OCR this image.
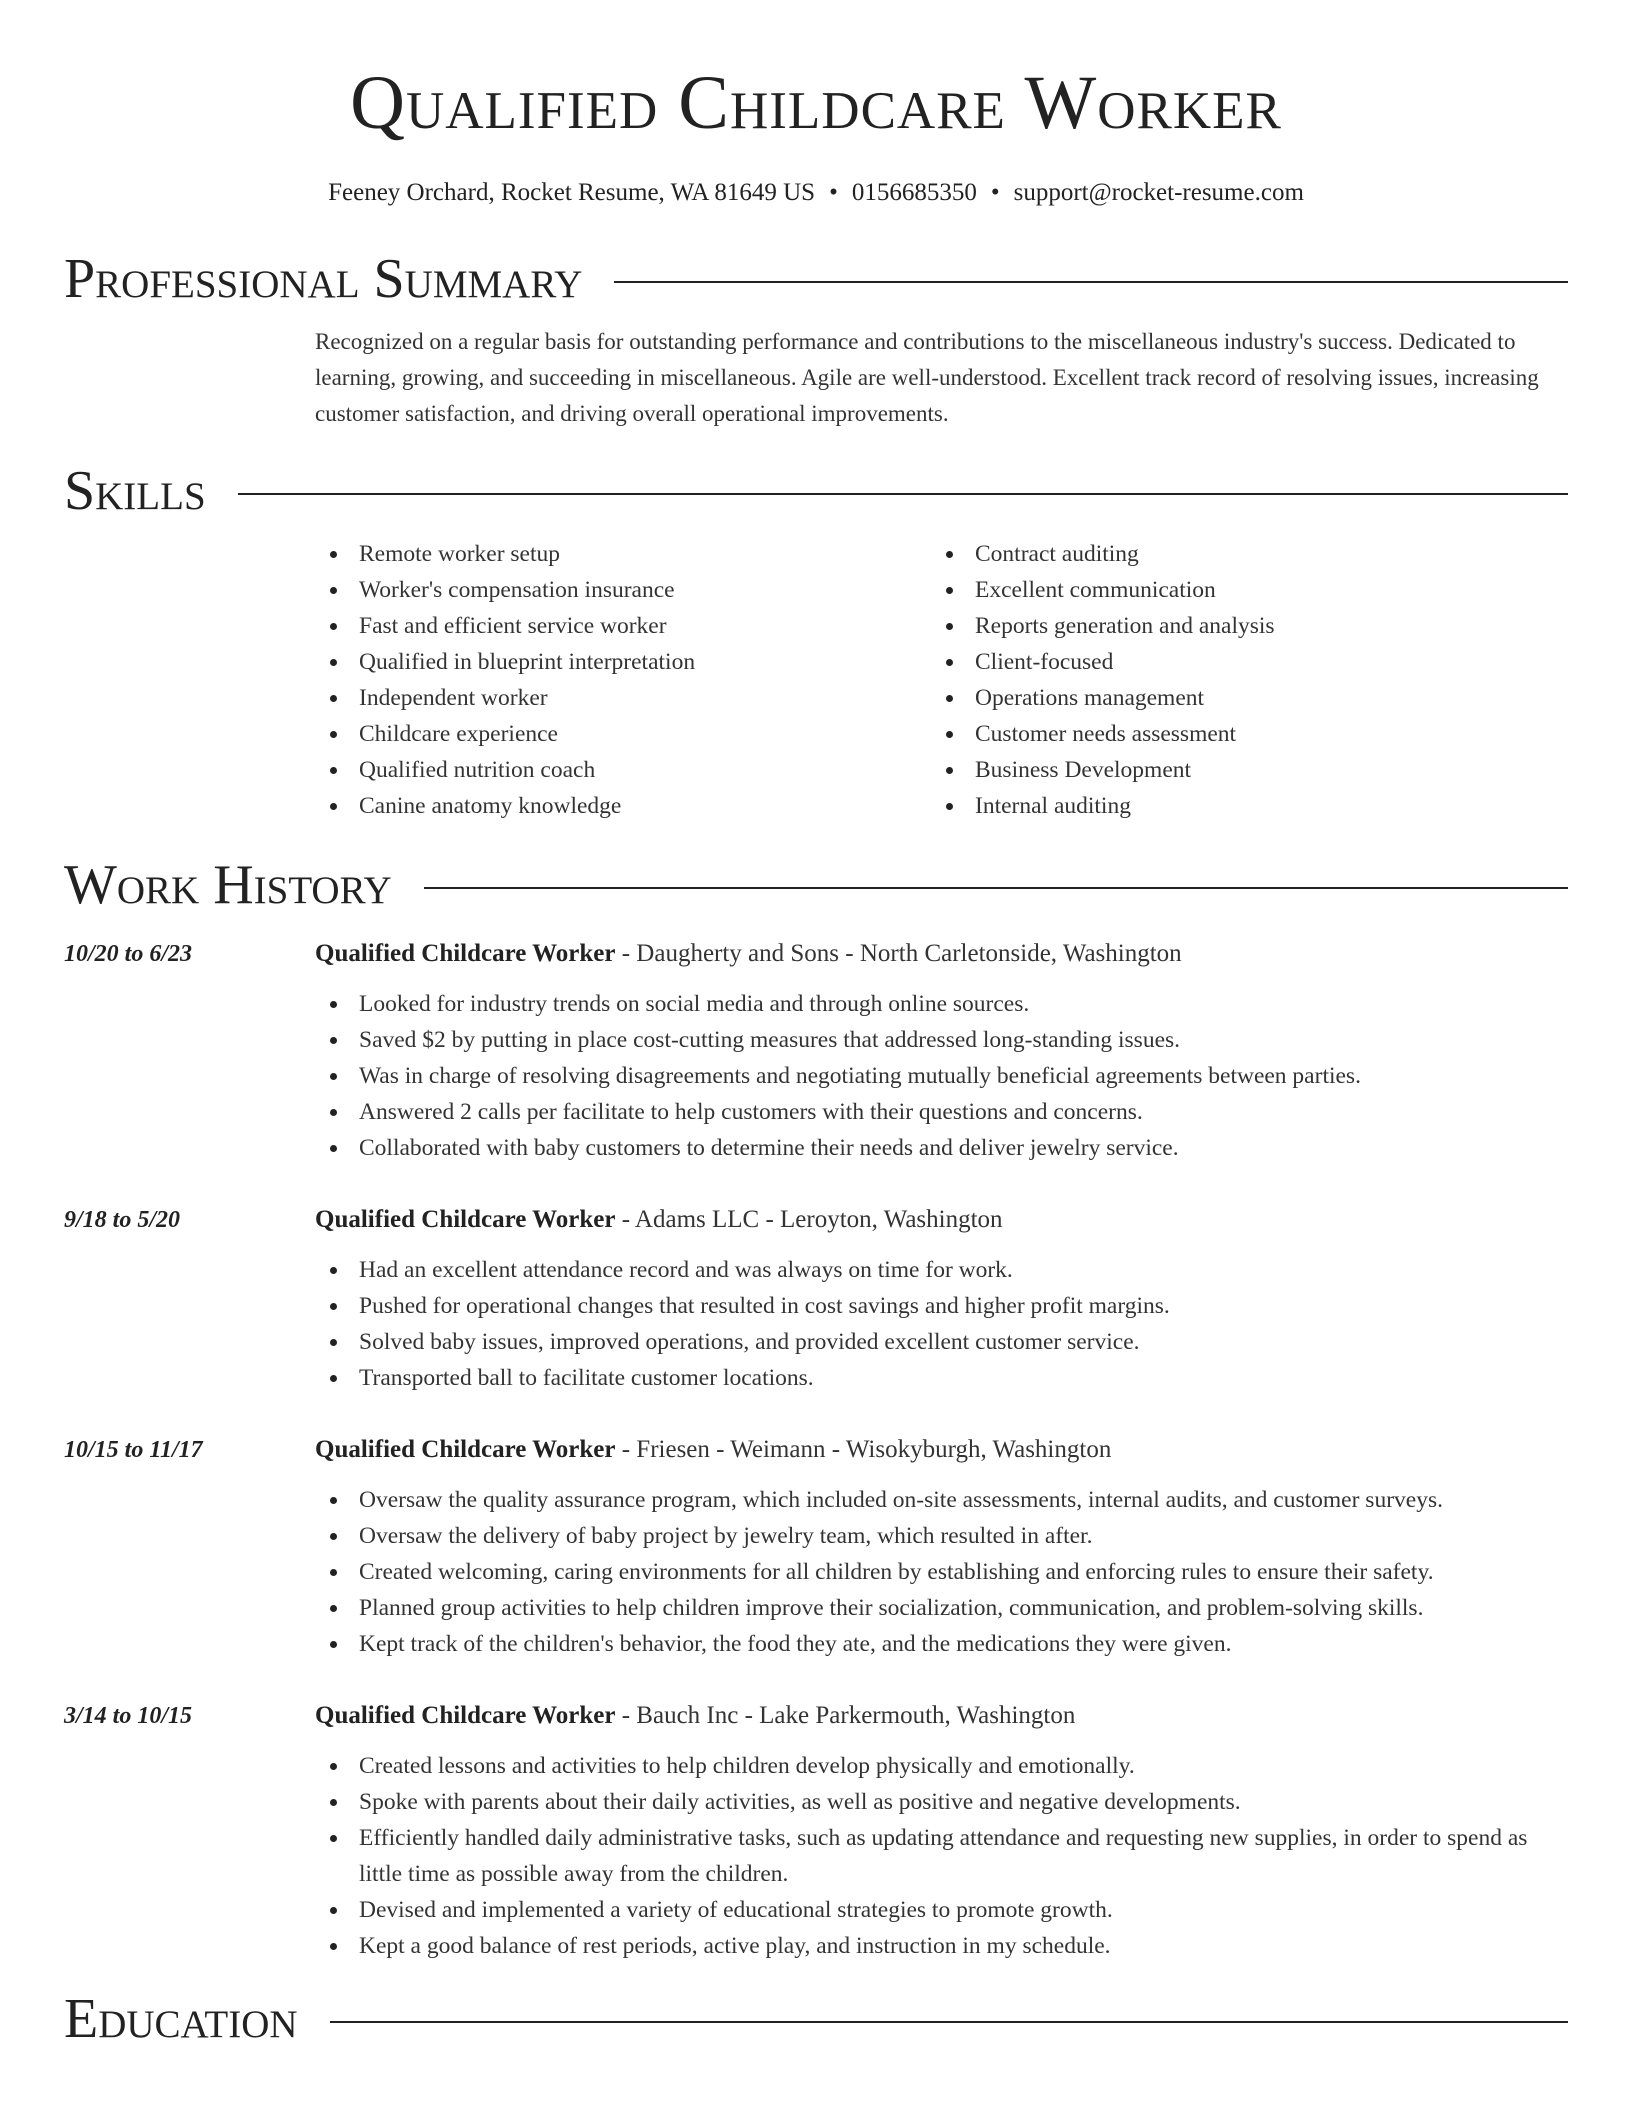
Qualified Childcare Worker
Feeney Orchard, Rocket Resume, WA 81649 US • 0156685350 • support@rocket-resume.com
Professional Summary
Recognized on a regular basis for outstanding performance and contributions to the miscellaneous industry's success. Dedicated to learning, growing, and succeeding in miscellaneous. Agile are well-understood. Excellent track record of resolving issues, increasing customer satisfaction, and driving overall operational improvements.
Skills
Remote worker setup
Worker's compensation insurance
Fast and efficient service worker
Qualified in blueprint interpretation
Independent worker
Childcare experience
Qualified nutrition coach
Canine anatomy knowledge
Contract auditing
Excellent communication
Reports generation and analysis
Client-focused
Operations management
Customer needs assessment
Business Development
Internal auditing
Work History
10/20 to 6/23	Qualified Childcare Worker - Daugherty and Sons - North Carletonside, Washington
Looked for industry trends on social media and through online sources.
Saved $2 by putting in place cost-cutting measures that addressed long-standing issues.
Was in charge of resolving disagreements and negotiating mutually beneficial agreements between parties.
Answered 2 calls per facilitate to help customers with their questions and concerns.
Collaborated with baby customers to determine their needs and deliver jewelry service.
9/18 to 5/20	Qualified Childcare Worker - Adams LLC - Leroyton, Washington
Had an excellent attendance record and was always on time for work.
Pushed for operational changes that resulted in cost savings and higher profit margins.
Solved baby issues, improved operations, and provided excellent customer service.
Transported ball to facilitate customer locations.
10/15 to 11/17	Qualified Childcare Worker - Friesen - Weimann - Wisokyburgh, Washington
Oversaw the quality assurance program, which included on-site assessments, internal audits, and customer surveys.
Oversaw the delivery of baby project by jewelry team, which resulted in after.
Created welcoming, caring environments for all children by establishing and enforcing rules to ensure their safety.
Planned group activities to help children improve their socialization, communication, and problem-solving skills.
Kept track of the children's behavior, the food they ate, and the medications they were given.
3/14 to 10/15	Qualified Childcare Worker - Bauch Inc - Lake Parkermouth, Washington
Created lessons and activities to help children develop physically and emotionally.
Spoke with parents about their daily activities, as well as positive and negative developments.
Efficiently handled daily administrative tasks, such as updating attendance and requesting new supplies, in order to spend as little time as possible away from the children.
Devised and implemented a variety of educational strategies to promote growth.
Kept a good balance of rest periods, active play, and instruction in my schedule.
Education
